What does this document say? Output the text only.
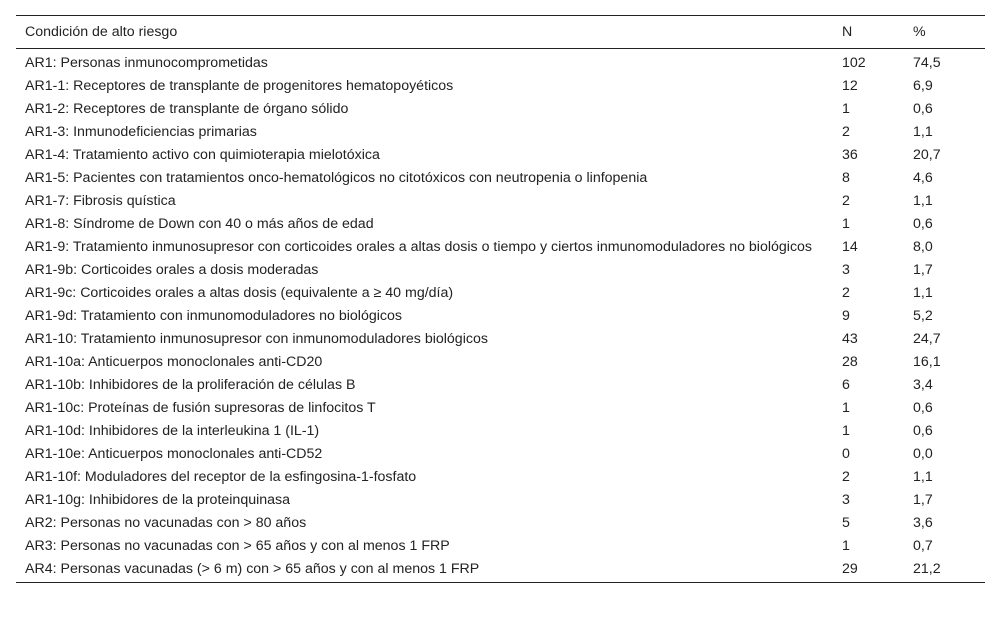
Condición de alto riesgo	N	%
AR1: Personas inmunocomprometidas	102	74,5
AR1-1: Receptores de transplante de progenitores hematopoyéticos	12	6,9
AR1-2: Receptores de transplante de órgano sólido	1	0,6
AR1-3: Inmunodeficiencias primarias	2	1,1
AR1-4: Tratamiento activo con quimioterapia mielotóxica	36	20,7
AR1-5: Pacientes con tratamientos onco-hematológicos no citotóxicos con neutropenia o linfopenia	8	4,6
AR1-7: Fibrosis quística	2	1,1
AR1-8: Síndrome de Down con 40 o más años de edad	1	0,6
AR1-9: Tratamiento inmunosupresor con corticoides orales a altas dosis o tiempo y ciertos inmunomoduladores no biológicos	14	8,0
AR1-9b: Corticoides orales a dosis moderadas	3	1,7
AR1-9c: Corticoides orales a altas dosis (equivalente a ≥ 40 mg/día)	2	1,1
AR1-9d: Tratamiento con inmunomoduladores no biológicos	9	5,2
AR1-10: Tratamiento inmunosupresor con inmunomoduladores biológicos	43	24,7
AR1-10a: Anticuerpos monoclonales anti-CD20	28	16,1
AR1-10b: Inhibidores de la proliferación de células B	6	3,4
AR1-10c: Proteínas de fusión supresoras de linfocitos T	1	0,6
AR1-10d: Inhibidores de la interleukina 1 (IL-1)	1	0,6
AR1-10e: Anticuerpos monoclonales anti-CD52	0	0,0
AR1-10f: Moduladores del receptor de la esfingosina-1-fosfato	2	1,1
AR1-10g: Inhibidores de la proteinquinasa	3	1,7
AR2: Personas no vacunadas con > 80 años	5	3,6
AR3: Personas no vacunadas con > 65 años y con al menos 1 FRP	1	0,7
AR4: Personas vacunadas (> 6 m) con > 65 años y con al menos 1 FRP	29	21,2
